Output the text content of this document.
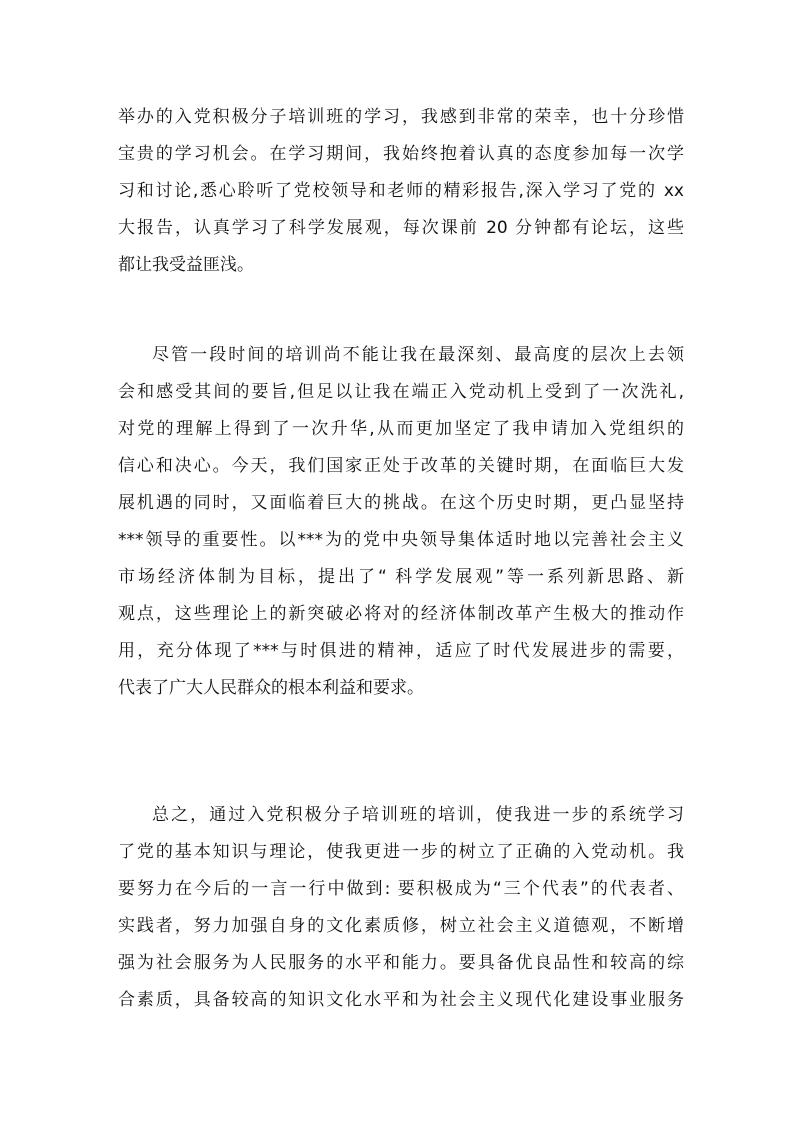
举办的入党积极分子培训班的学习，我感到非常的荣幸，也十分珍惜
宝贵的学习机会。在学习期间，我始终抱着认真的态度参加每一次学
习和讨论,悉心聆听了党校领导和老师的精彩报告,深入学习了党的 xx
大报告，认真学习了科学发展观，每次课前 20 分钟都有论坛，这些
都让我受益匪浅。
尽管一段时间的培训尚不能让我在最深刻、最高度的层次上去领
会和感受其间的要旨,但足以让我在端正入党动机上受到了一次洗礼,
对党的理解上得到了一次升华,从而更加坚定了我申请加入党组织的
信心和决心。今天，我们国家正处于改革的关键时期，在面临巨大发
展机遇的同时，又面临着巨大的挑战。在这个历史时期，更凸显坚持
***领导的重要性。以***为的党中央领导集体适时地以完善社会主义
市场经济体制为目标，提出了“ 科学发展观”等一系列新思路、新
观点，这些理论上的新突破必将对的经济体制改革产生极大的推动作
用，充分体现了***与时俱进的精神，适应了时代发展进步的需要，
代表了广大人民群众的根本利益和要求。
总之，通过入党积极分子培训班的培训，使我进一步的系统学习
了党的基本知识与理论，使我更进一步的树立了正确的入党动机。我
要努力在今后的一言一行中做到: 要积极成为“三个代表”的代表者、
实践者，努力加强自身的文化素质修，树立社会主义道德观，不断增
强为社会服务为人民服务的水平和能力。要具备优良品性和较高的综
合素质，具备较高的知识文化水平和为社会主义现代化建设事业服务
